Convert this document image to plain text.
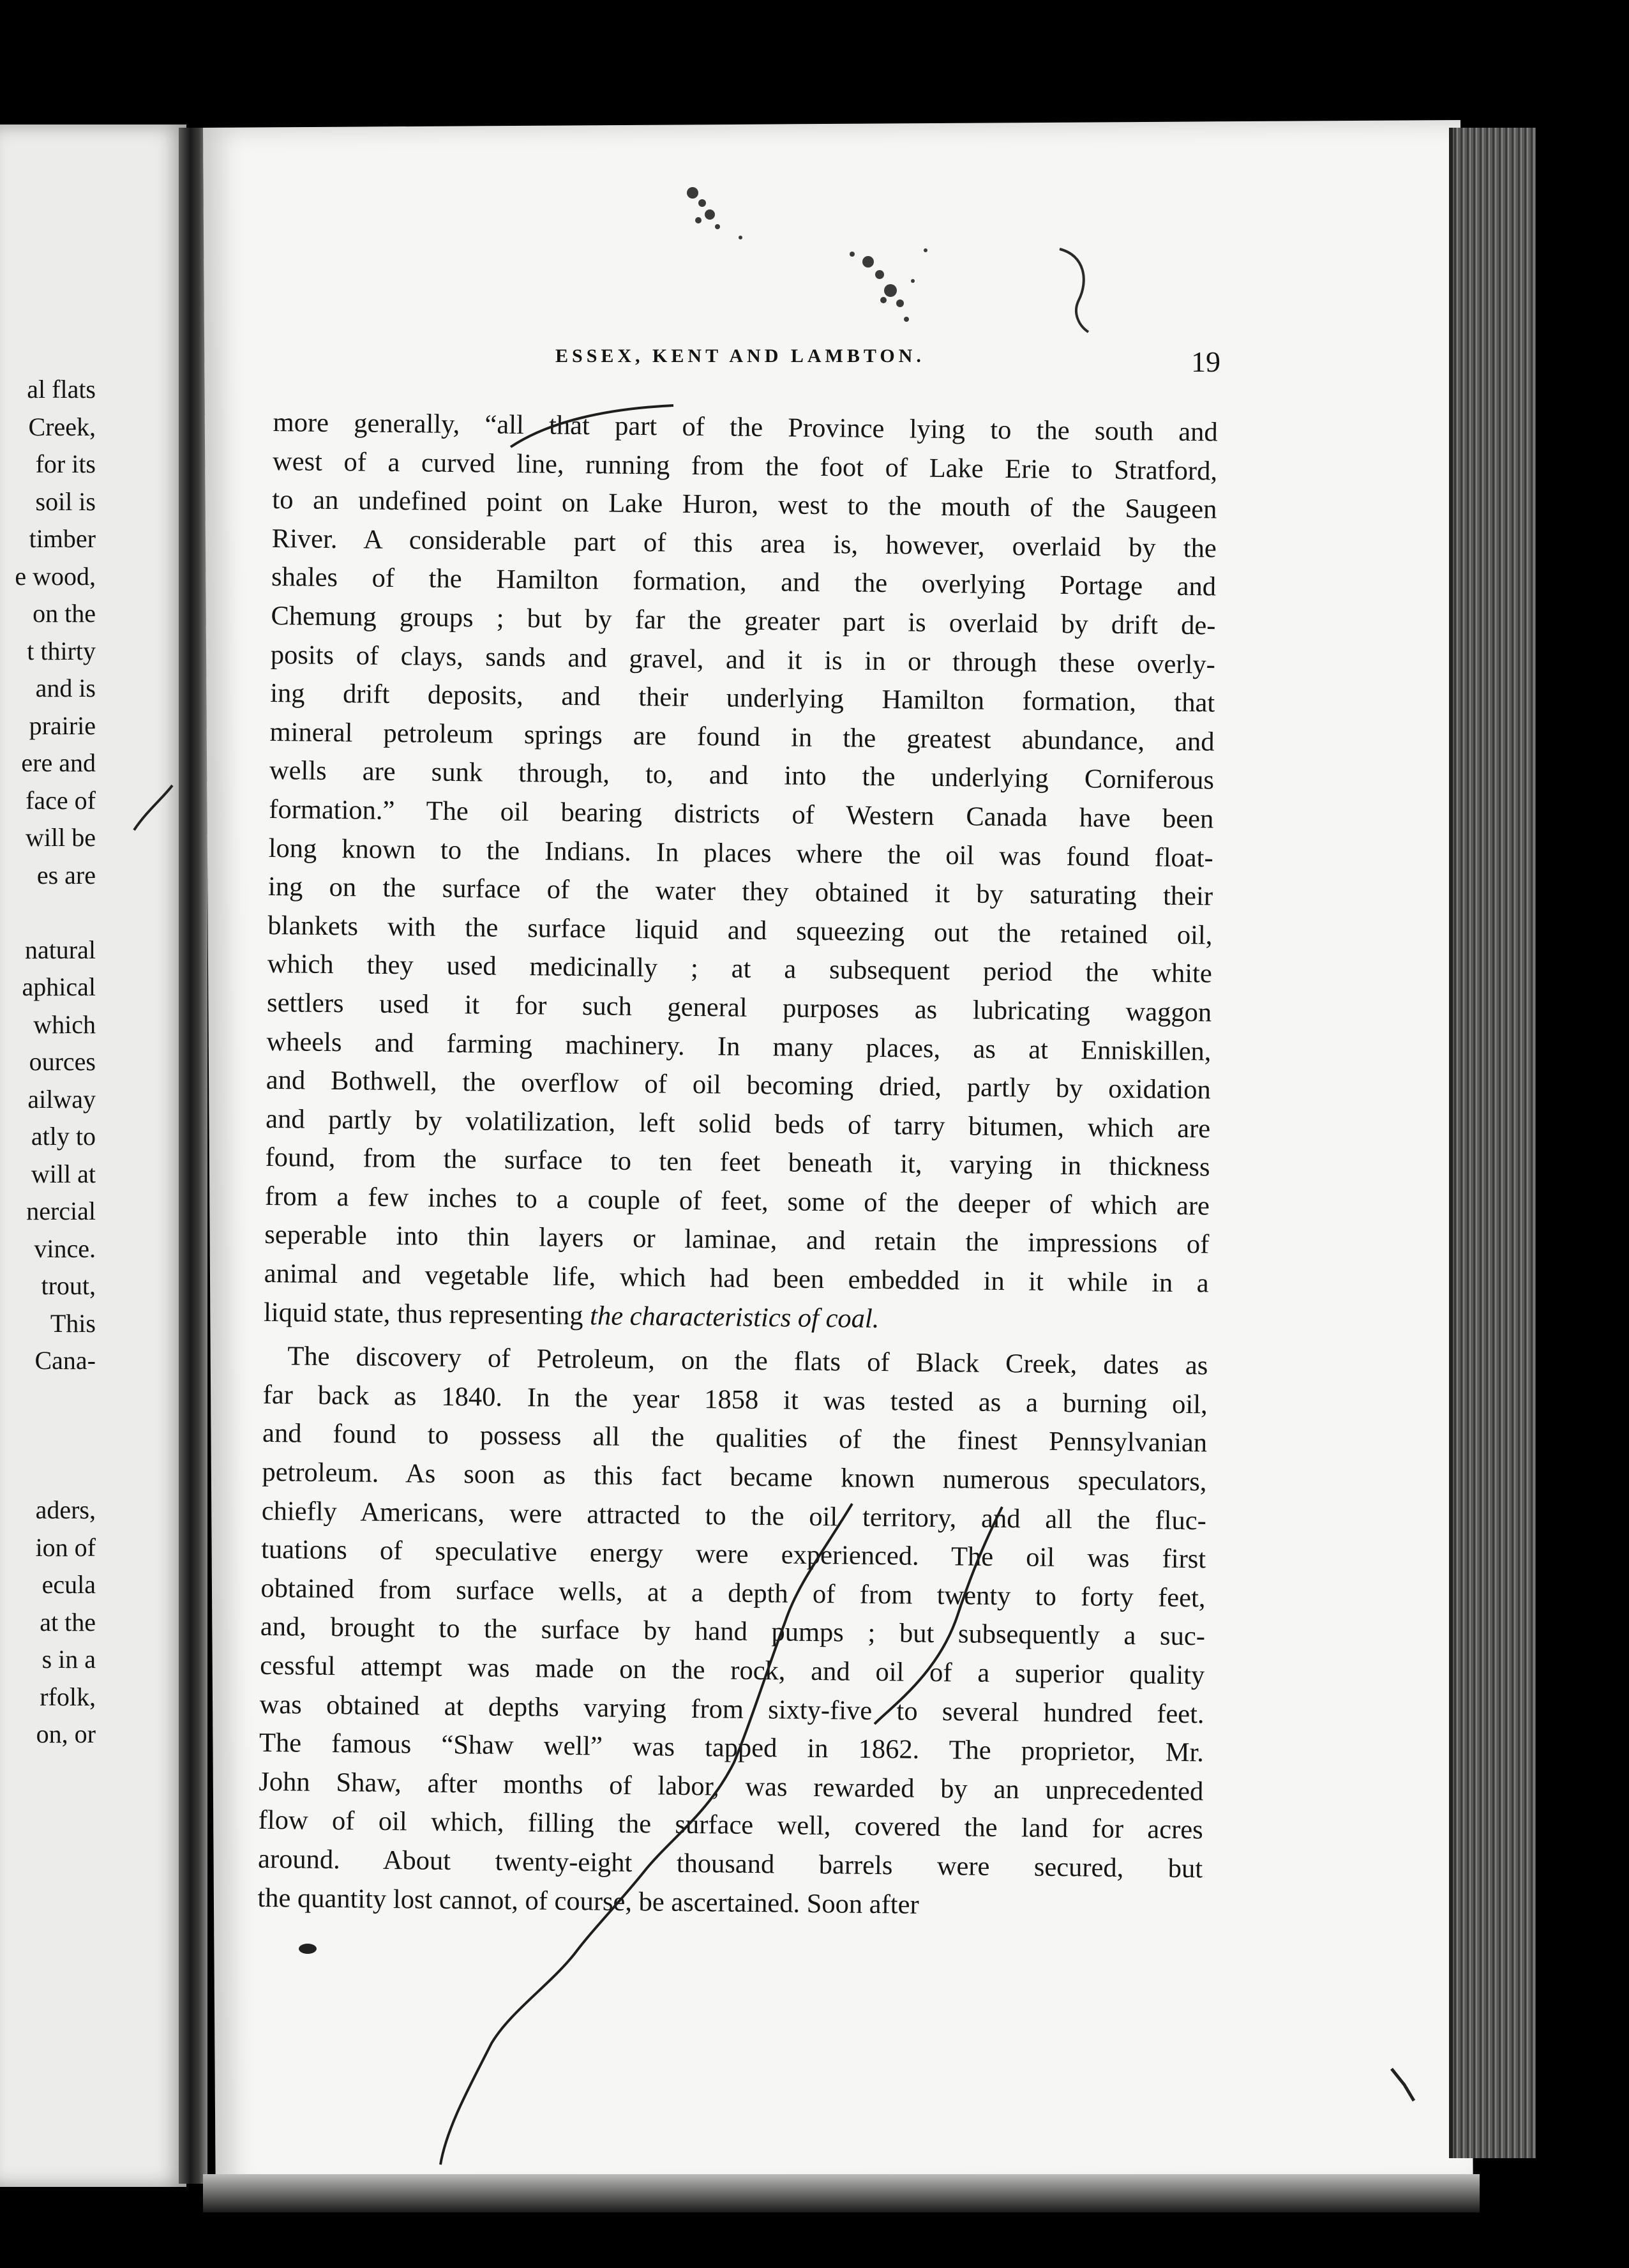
al flats
Creek,
for its
soil is
timber
e wood,
on the
t thirty
and is
prairie
ere and
face of
will be
es are
natural
aphical
which
ources
ailway
atly to
will at
nercial
vince.
trout,
This
Cana-
aders,
ion of
ecula
at the
s in a
rfolk,
on, or
ESSEX, KENT AND LAMBTON.	19
more generally, “all that part of the Province lying to the south and
west of a curved line, running from the foot of Lake Erie to Stratford,
to an undefined point on Lake Huron, west to the mouth of the Saugeen
River. A considerable part of this area is, however, overlaid by the
shales of the Hamilton formation, and the overlying Portage and
Chemung groups ; but by far the greater part is overlaid by drift de-
posits of clays, sands and gravel, and it is in or through these overly-
ing drift deposits, and their underlying Hamilton formation, that
mineral petroleum springs are found in the greatest abundance, and
wells are sunk through, to, and into the underlying Corniferous
formation.” The oil bearing districts of Western Canada have been
long known to the Indians. In places where the oil was found float-
ing on the surface of the water they obtained it by saturating their
blankets with the surface liquid and squeezing out the retained oil,
which they used medicinally ; at a subsequent period the white
settlers used it for such general purposes as lubricating waggon
wheels and farming machinery. In many places, as at Enniskillen,
and Bothwell, the overflow of oil becoming dried, partly by oxidation
and partly by volatilization, left solid beds of tarry bitumen, which are
found, from the surface to ten feet beneath it, varying in thickness
from a few inches to a couple of feet, some of the deeper of which are
seperable into thin layers or laminae, and retain the impressions of
animal and vegetable life, which had been embedded in it while in a
liquid state, thus representing the characteristics of coal.
The discovery of Petroleum, on the flats of Black Creek, dates as
far back as 1840. In the year 1858 it was tested as a burning oil,
and found to possess all the qualities of the finest Pennsylvanian
petroleum. As soon as this fact became known numerous speculators,
chiefly Americans, were attracted to the oil territory, and all the fluc-
tuations of speculative energy were experienced. The oil was first
obtained from surface wells, at a depth of from twenty to forty feet,
and, brought to the surface by hand pumps ; but subsequently a suc-
cessful attempt was made on the rock, and oil of a superior quality
was obtained at depths varying from sixty-five to several hundred feet.
The famous “Shaw well” was tapped in 1862. The proprietor, Mr.
John Shaw, after months of labor, was rewarded by an unprecedented
flow of oil which, filling the surface well, covered the land for acres
around. About twenty-eight thousand barrels were secured, but
the quantity lost cannot, of course, be ascertained. Soon after
